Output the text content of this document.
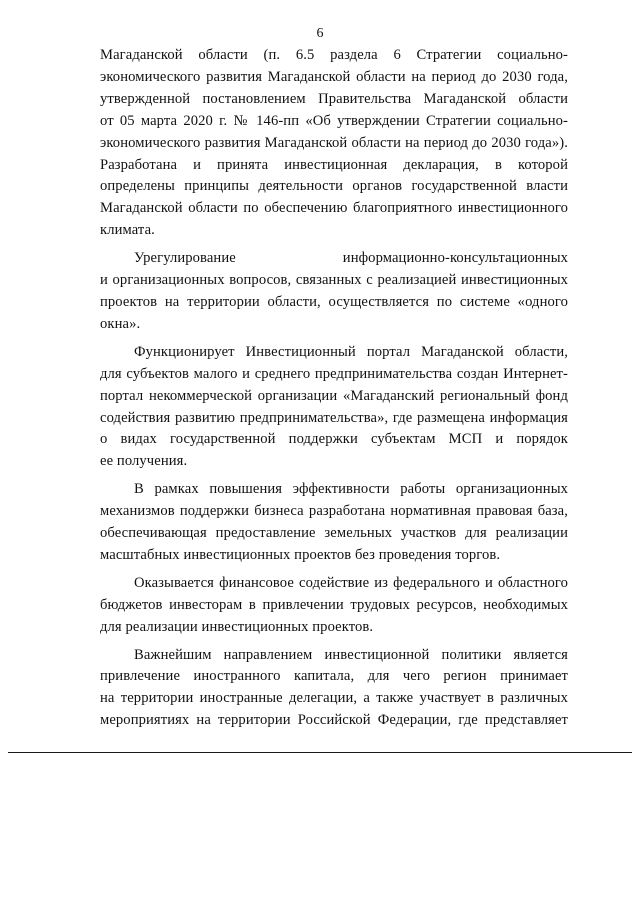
6
Магаданской области (п. 6.5 раздела 6 Стратегии социально-
экономического развития Магаданской области на период до 2030 года,
утвержденной постановлением Правительства Магаданской области
от 05 марта 2020 г. № 146-пп «Об утверждении Стратегии социально-
экономического развития Магаданской области на период до 2030 года»).
Разработана и принята инвестиционная декларация, в которой
определены принципы деятельности органов государственной власти
Магаданской области по обеспечению благоприятного инвестиционного
климата.
Урегулирование информационно-консультационных
и организационных вопросов, связанных с реализацией инвестиционных
проектов на территории области, осуществляется по системе «одного
окна».
Функционирует Инвестиционный портал Магаданской области,
для субъектов малого и среднего предпринимательства создан Интернет-
портал некоммерческой организации «Магаданский региональный фонд
содействия развитию предпринимательства», где размещена информация
о видах государственной поддержки субъектам МСП и порядок
ее получения.
В рамках повышения эффективности работы организационных
механизмов поддержки бизнеса разработана нормативная правовая база,
обеспечивающая предоставление земельных участков для реализации
масштабных инвестиционных проектов без проведения торгов.
Оказывается финансовое содействие из федерального и областного
бюджетов инвесторам в привлечении трудовых ресурсов, необходимых
для реализации инвестиционных проектов.
Важнейшим направлением инвестиционной политики является
привлечение иностранного капитала, для чего регион принимает
на территории иностранные делегации, а также участвует в различных
мероприятиях на территории Российской Федерации, где представляет
